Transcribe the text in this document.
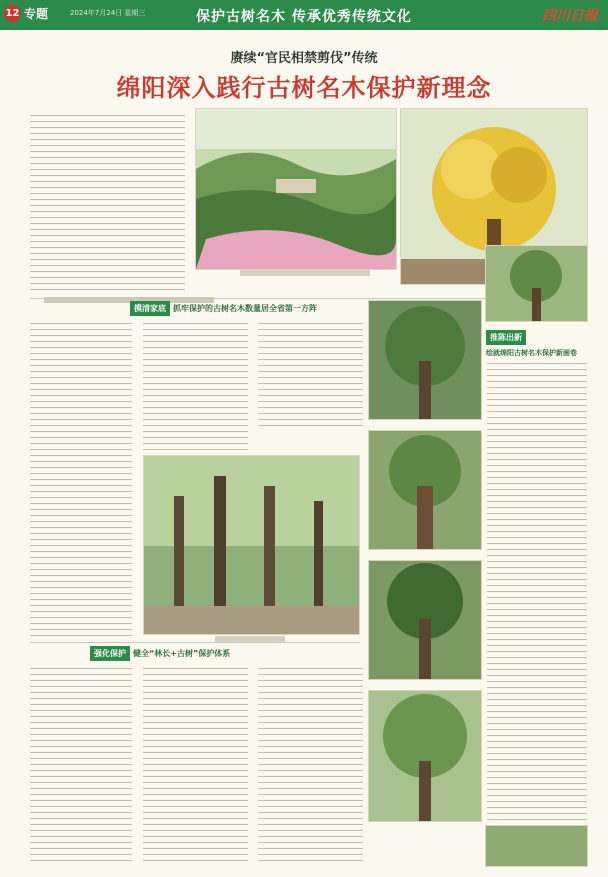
12 专题	2024年7月24日 星期三	保护古树名木 传承优秀传统文化	四川日报
赓续“官民相禁剪伐”传统
绵阳深入践行古树名木保护新理念
摸清家底 抓牢保护的古树名木数量居全省第一方阵
推陈出新
绘就绵阳古树名木保护新画卷
强化保护 健全“林长+古树”保护体系
